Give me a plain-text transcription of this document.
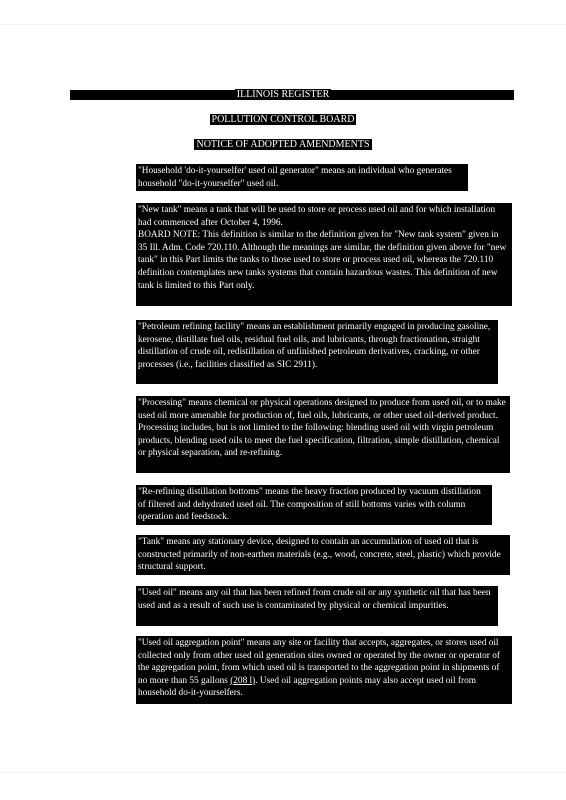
ILLINOIS REGISTER
POLLUTION CONTROL BOARD
NOTICE OF ADOPTED AMENDMENTS

"Household 'do-it-yourselfer' used oil generator" means an individual who generates household "do-it-yourselfer" used oil.

"New tank" means a tank that will be used to store or process used oil and for which installation had commenced after October 4, 1996.

BOARD NOTE: This definition is similar to the definition given for "New tank system" given in 35 Ill. Adm. Code 720.110. Although the meanings are similar, the definition given above for "new tank" in this Part limits the tanks to those used to store or process used oil, whereas the 720.110 definition contemplates new tanks systems that contain hazardous wastes. This definition of new tank is limited to this Part only.

"Petroleum refining facility" means an establishment primarily engaged in producing gasoline, kerosene, distillate fuel oils, residual fuel oils, and lubricants, through fractionation, straight distillation of crude oil, redistillation of unfinished petroleum derivatives, cracking, or other processes (i.e., facilities classified as SIC 2911).

"Processing" means chemical or physical operations designed to produce from used oil, or to make used oil more amenable for production of, fuel oils, lubricants, or other used oil-derived product. Processing includes, but is not limited to the following: blending used oil with virgin petroleum products, blending used oils to meet the fuel specification, filtration, simple distillation, chemical or physical separation, and re-refining.

"Re-refining distillation bottoms" means the heavy fraction produced by vacuum distillation of filtered and dehydrated used oil. The composition of still bottoms varies with column operation and feedstock.

"Tank" means any stationary device, designed to contain an accumulation of used oil that is constructed primarily of non-earthen materials (e.g., wood, concrete, steel, plastic) which provide structural support.

"Used oil" means any oil that has been refined from crude oil or any synthetic oil that has been used and as a result of such use is contaminated by physical or chemical impurities.

"Used oil aggregation point" means any site or facility that accepts, aggregates, or stores used oil collected only from other used oil generation sites owned or operated by the owner or operator of the aggregation point, from which used oil is transported to the aggregation point in shipments of no more than 55 gallons (208 l). Used oil aggregation points may also accept used oil from household do-it-yourselfers.
